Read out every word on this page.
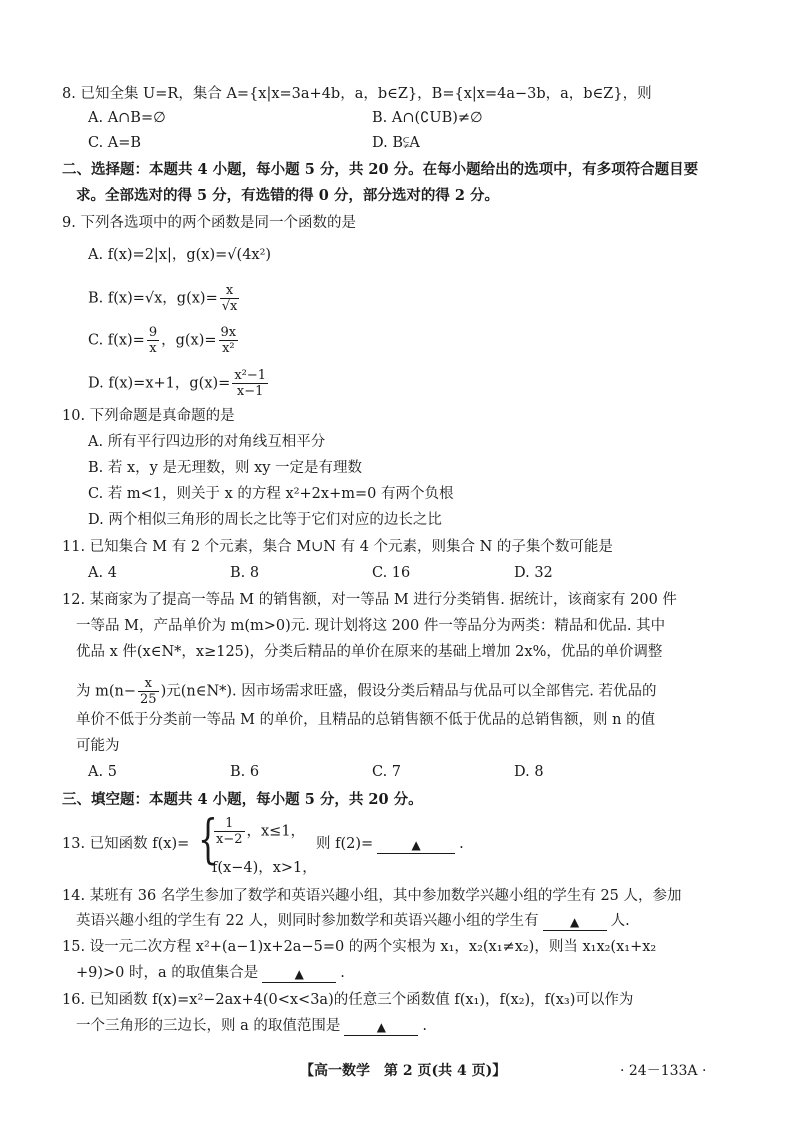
8. 已知全集 U=R，集合 A={x|x=3a+4b，a，b∈Z}，B={x|x=4a−3b，a，b∈Z}，则
A. A∩B=∅	B. A∩(∁UB)≠∅
C. A=B	D. B⫋A
二、选择题：本题共 4 小题，每小题 5 分，共 20 分。在每小题给出的选项中，有多项符合题目要
求。全部选对的得 5 分，有选错的得 0 分，部分选对的得 2 分。
9. 下列各选项中的两个函数是同一个函数的是
A. f(x)=2|x|，g(x)=√(4x²)
B. f(x)=√x，$g(x)= \frac{x}{√x}$
C. $f(x)= \frac{9}{x}$ ，$g(x)= \frac{9x}{\text{x²}}$
D. f(x)=x+1，$g(x)= \frac{\text{x²−1}}{x-1}$
10. 下列命题是真命题的是
A. 所有平行四边形的对角线互相平分
B. 若 x，y 是无理数，则 xy 一定是有理数
C. 若 m<1，则关于 x 的方程 x²+2x+m=0 有两个负根
D. 两个相似三角形的周长之比等于它们对应的边长之比
11. 已知集合 M 有 2 个元素，集合 M∪N 有 4 个元素，则集合 N 的子集个数可能是
A. 4	B. 8	C. 16	D. 32
12. 某商家为了提高一等品 M 的销售额，对一等品 M 进行分类销售. 据统计，该商家有 200 件
一等品 M，产品单价为 m(m>0)元. 现计划将这 200 件一等品分为两类：精品和优品. 其中
优品 x 件(x∈N*，x≥125)，分类后精品的单价在原来的基础上增加 2x%，优品的单价调整
为 $m(n- \frac{x}{25}$ )元(n∈N*). 因市场需求旺盛，假设分类后精品与优品可以全部售完. 若优品的
单价不低于分类前一等品 M 的单价，且精品的总销售额不低于优品的总销售额，则 n 的值
可能为
A. 5	B. 6	C. 7	D. 8
三、填空题：本题共 4 小题，每小题 5 分，共 20 分。
13. 已知函数 f(x)= {
$\frac{1}{x-2}$ ，x≤1，
f(x−4)，x>1，
则 f(2)=	▲	.
14. 某班有 36 名学生参加了数学和英语兴趣小组，其中参加数学兴趣小组的学生有 25 人，参加
英语兴趣小组的学生有 22 人，则同时参加数学和英语兴趣小组的学生有	▲ 人.
15. 设一元二次方程 x²+(a−1)x+2a−5=0 的两个实根为 x₁，x₂(x₁≠x₂)，则当 x₁x₂(x₁+x₂
+9)>0 时，a 的取值集合是	▲	.
16. 已知函数 f(x)=x²−2ax+4(0<x<3a)的任意三个函数值 f(x₁)，f(x₂)，f(x₃)可以作为
一个三角形的三边长，则 a 的取值范围是	▲	.
【高一数学　第 2 页(共 4 页)】	· 24－133A ·
